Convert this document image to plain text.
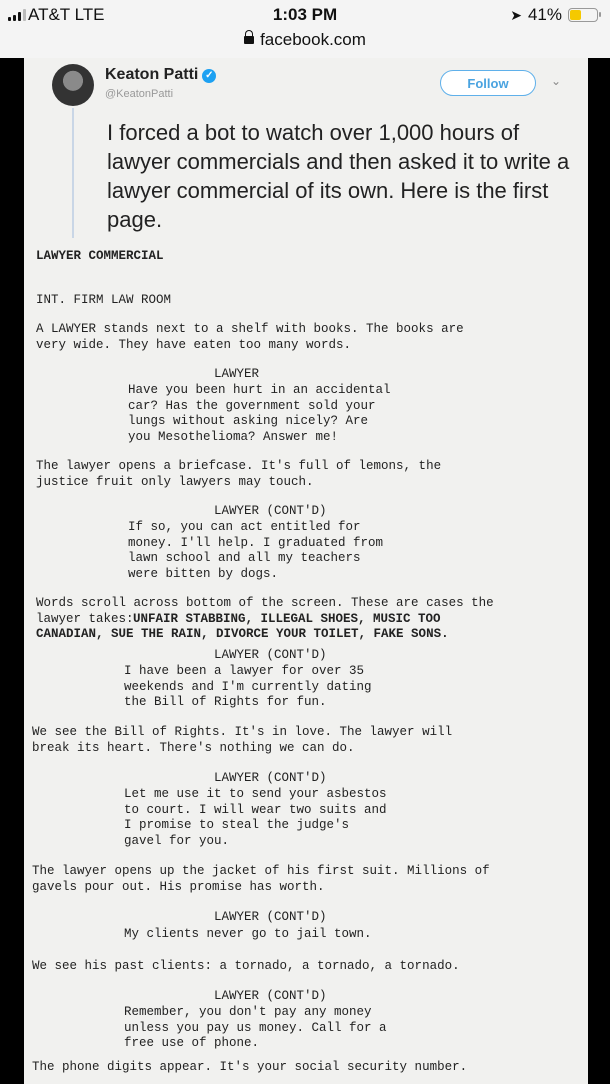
AT&T LTE	1:03 PM	➤ 41%
facebook.com
Keaton Patti ✓
@KeatonPatti
Follow	⌄
I forced a bot to watch over 1,000 hours of lawyer commercials and then asked it to write a lawyer commercial of its own. Here is the first page.
LAWYER COMMERCIAL
INT. FIRM LAW ROOM
A LAWYER stands next to a shelf with books. The books are
very wide. They have eaten too many words.
LAWYER
Have you been hurt in an accidental
car? Has the government sold your
lungs without asking nicely? Are
you Mesothelioma? Answer me!
The lawyer opens a briefcase. It's full of lemons, the
justice fruit only lawyers may touch.
LAWYER (CONT'D)
If so, you can act entitled for
money. I'll help. I graduated from
lawn school and all my teachers
were bitten by dogs.
Words scroll across bottom of the screen. These are cases the
lawyer takes: UNFAIR STABBING, ILLEGAL SHOES, MUSIC TOO
CANADIAN, SUE THE RAIN, DIVORCE YOUR TOILET, FAKE SONS.
LAWYER (CONT'D)
I have been a lawyer for over 35
weekends and I'm currently dating
the Bill of Rights for fun.
We see the Bill of Rights. It's in love. The lawyer will
break its heart. There's nothing we can do.
LAWYER (CONT'D)
Let me use it to send your asbestos
to court. I will wear two suits and
I promise to steal the judge's
gavel for you.
The lawyer opens up the jacket of his first suit. Millions of
gavels pour out. His promise has worth.
LAWYER (CONT'D)
My clients never go to jail town.
We see his past clients: a tornado, a tornado, a tornado.
LAWYER (CONT'D)
Remember, you don't pay any money
unless you pay us money. Call for a
free use of phone.
The phone digits appear. It's your social security number.
